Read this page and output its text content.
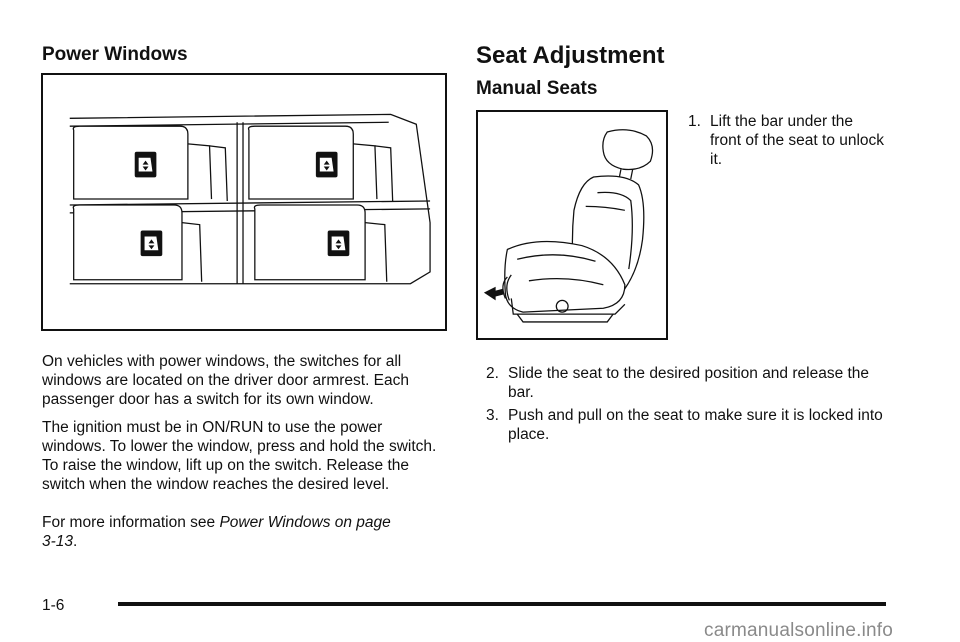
Power Windows

On vehicles with power windows, the switches for all windows are located on the driver door armrest. Each passenger door has a switch for its own window.

The ignition must be in ON/RUN to use the power windows. To lower the window, press and hold the switch. To raise the window, lift up on the switch. Release the switch when the window reaches the desired level.

For more information see Power Windows on page 3-13.

Seat Adjustment
Manual Seats
1. Lift the bar under the front of the seat to unlock it.
2. Slide the seat to the desired position and release the bar.
3. Push and pull on the seat to make sure it is locked into place.
1-6
carmanualsonline.info
